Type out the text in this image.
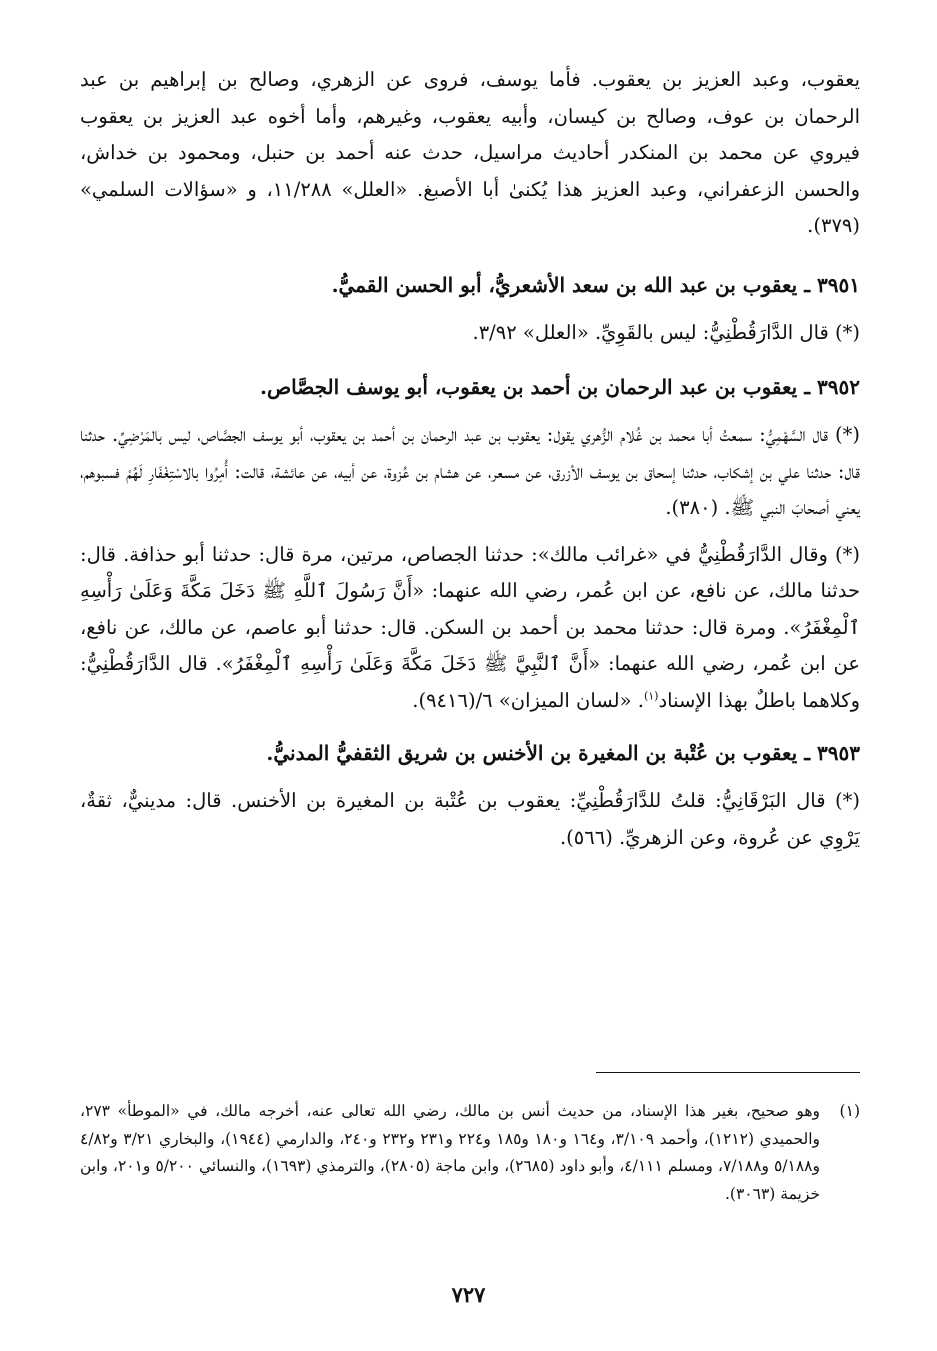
يعقوب، وعبد العزيز بن يعقوب. فأما يوسف، فروى عن الزهري، وصالح بن إبراهيم بن عبد الرحمان بن عوف، وصالح بن كيسان، وأبيه يعقوب، وغيرهم، وأما أخوه عبد العزيز بن يعقوب فيروي عن محمد بن المنكدر أحاديث مراسيل، حدث عنه أحمد بن حنبل، ومحمود بن خداش، والحسن الزعفراني، وعبد العزيز هذا يُكنىٰ أبا الأصبغ. «العلل» ١١/٢٨٨، و «سؤالات السلمي» (٣٧٩).

٣٩٥١ ـ يعقوب بن عبد الله بن سعد الأشعريُّ، أبو الحسن القميُّ.

(*) قال الدَّارَقُطْنِيُّ: ليس بالقَوِيِّ. «العلل» ٣/٩٢.

٣٩٥٢ ـ يعقوب بن عبد الرحمان بن أحمد بن يعقوب، أبو يوسف الجصَّاص.

(*) قال السَّهْمِيُّ: سمعتُ أبا محمد بن غُلام الزُّهري يقول: يعقوب بن عبد الرحمان بن أحمد بن يعقوب، أبو يوسف الجصَّاص، ليس بالمَرْضِيِّ. حدثنا قال: حدثنا علي بن إشكاب، حدثنا إسحاق بن يوسف الأزرق، عن مسعر، عن هشام بن عُزوة، عن أبيه، عن عائشة، قالت: أُمِرُوا بالاسْتِغْفَارِ لَهُمْ فسبوهم، يعني أصحابَ النبي ﷺ. (٣٨٠).

(*) وقال الدَّارَقُطْنِيُّ في «غرائب مالك»: حدثنا الجصاص، مرتين، مرة قال: حدثنا أبو حذافة. قال: حدثنا مالك، عن نافع، عن ابن عُمر، رضي الله عنهما: «أَنَّ رَسُولَ ٱللَّهِ ﷺ دَخَلَ مَكَّةَ وَعَلَىٰ رَأْسِهِ ٱلْمِغْفَرُ». ومرة قال: حدثنا محمد بن أحمد بن السكن. قال: حدثنا أبو عاصم، عن مالك، عن نافع، عن ابن عُمر، رضي الله عنهما: «أَنَّ ٱلنَّبِيَّ ﷺ دَخَلَ مَكَّةَ وَعَلَىٰ رَأْسِهِ ٱلْمِغْفَرُ». قال الدَّارَقُطْنِيُّ: وكلاهما باطلٌ بهذا الإسناد$^{(١)}$. «لسان الميزان» ٦/(٩٤١٦).

٣٩٥٣ ـ يعقوب بن عُتْبة بن المغيرة بن الأخنس بن شريق الثقفيُّ المدنيُّ.

(*) قال البَرْقَانِيُّ: قلتُ للدَّارَقُطْنِيِّ: يعقوب بن عُتْبة بن المغيرة بن الأخنس. قال: مدينيٌّ، ثقةٌ، يَرْوِي عن عُروة، وعن الزهريِّ. (٥٦٦).

(١)
وهو صحيح، بغير هذا الإسناد، من حديث أنس بن مالك، رضي الله تعالى عنه، أخرجه مالك، في «الموطأ» ٢٧٣، والحميدي (١٢١٢)، وأحمد ٣/١٠٩، و١٦٤ و١٨٠ و١٨٥ و٢٢٤ و٢٣١ و٢٣٢ و٢٤٠، والدارمي (١٩٤٤)، والبخاري ٣/٢١ و٤/٨٢ و٥/١٨٨ و٧/١٨٨، ومسلم ٤/١١١، وأبو داود (٢٦٨٥)، وابن ماجة (٢٨٠٥)، والترمذي (١٦٩٣)، والنسائي ٥/٢٠٠ و٢٠١، وابن خزيمة (٣٠٦٣).
٧٢٧
